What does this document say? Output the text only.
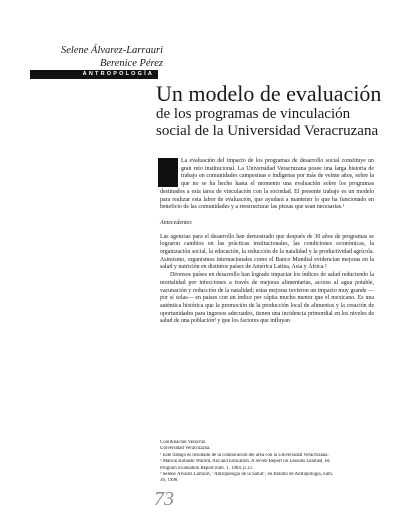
Selene Álvarez-Larrauri
Berenice Pérez
ANTROPOLOGÍA
Un modelo de evaluación
de los programas de vinculación
social de la Universidad Veracruzana

La evaluación del impacto de los programas de desarrollo social constituye un gran reto institucional. La Universidad Veracruzana posee una larga historia de trabajo en comunidades campesinas e indígenas por más de veinte años, sobre la que no se ha hecho hasta el momento una evaluación sobre los programas destinados a esta tarea de vinculación con la sociedad. El presente trabajo es un modelo para realizar esta labor de evaluación, que ayudará a mantener lo que ha funcionado en beneficio de las comunidades y a reestructurar las piezas que sean necesarias.¹

Antecedentes

Las agencias para el desarrollo han demostrado que después de 30 años de programas se lograron cambios en las prácticas institucionales, las condiciones económicas, la organización social, la educación, la reducción de la natalidad y la productividad agrícola. Asimismo, organismos internacionales como el Banco Mundial evidencian mejoras en la salud y nutrición en distintos países de América Latina, Asia y África.²

Diversos países en desarrollo han logrado impactar los índices de salud reduciendo la mortalidad por infecciones a través de mejoras alimentarias, acceso al agua potable, vacunación y reducción de la natalidad; estas mejoras tuvieron un impacto muy grande —por sí solas— en países con un índice per cápita mucho menor que el mexicano. Es una auténtica histórica que la promoción de la producción local de alimentos y la creación de oportunidades para ingresos adecuados, tienen una incidencia primordial en los niveles de salud de una población³ y que los factores que influyan

Coordinación Veracruz.
Universidad Veracruzana.
¹ Este trabajo es resultado de la colaboración del área con la Universidad Veracruzana.
² Marion Kobashi Warren, Aid and Education. A Seven Report on Lessons Learned, ed.
Program Evaluation Report núm. 1, 1984, p.12.
³ Selene Álvarez Larrauri, "Antropología de la Salud", en Boletín de Antropología, núm.
36, 1998.
73
